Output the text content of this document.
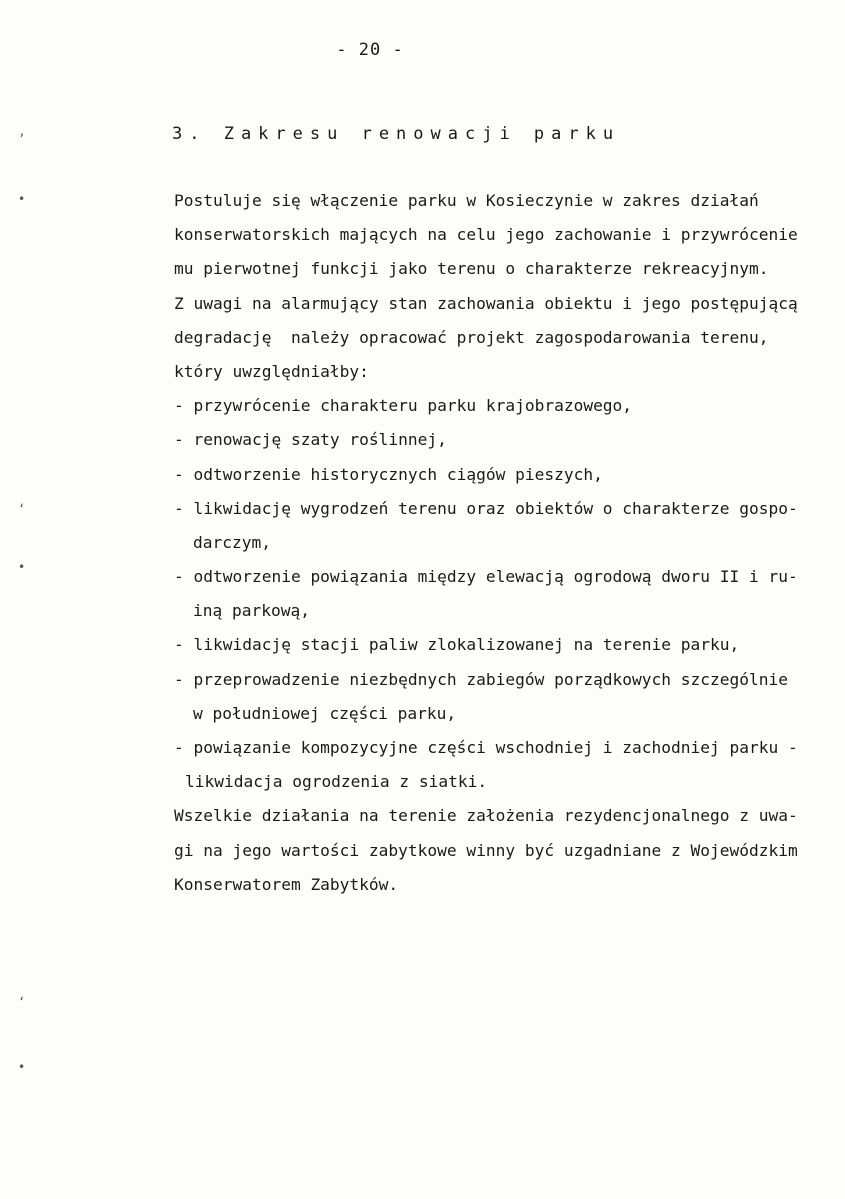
- 20 -
3. Zakresu renowacji parku
Postuluje się włączenie parku w Kosieczynie w zakres działań
konserwatorskich mających na celu jego zachowanie i przywrócenie
mu pierwotnej funkcji jako terenu o charakterze rekreacyjnym.
Z uwagi na alarmujący stan zachowania obiektu i jego postępującą
degradację  należy opracować projekt zagospodarowania terenu,
który uwzględniałby:
- przywrócenie charakteru parku krajobrazowego,
- renowację szaty roślinnej,
- odtworzenie historycznych ciągów pieszych,
- likwidację wygrodzeń terenu oraz obiektów o charakterze gospo-
darczym,
- odtworzenie powiązania między elewacją ogrodową dworu II i ru-
iną parkową,
- likwidację stacji paliw zlokalizowanej na terenie parku,
- przeprowadzenie niezbędnych zabiegów porządkowych szczególnie
w południowej części parku,
- powiązanie kompozycyjne części wschodniej i zachodniej parku -
likwidacja ogrodzenia z siatki.
Wszelkie działania na terenie założenia rezydencjonalnego z uwa-
gi na jego wartości zabytkowe winny być uzgadniane z Wojewódzkim
Konserwatorem Zabytków.
’
•
‘
•
‘
•
